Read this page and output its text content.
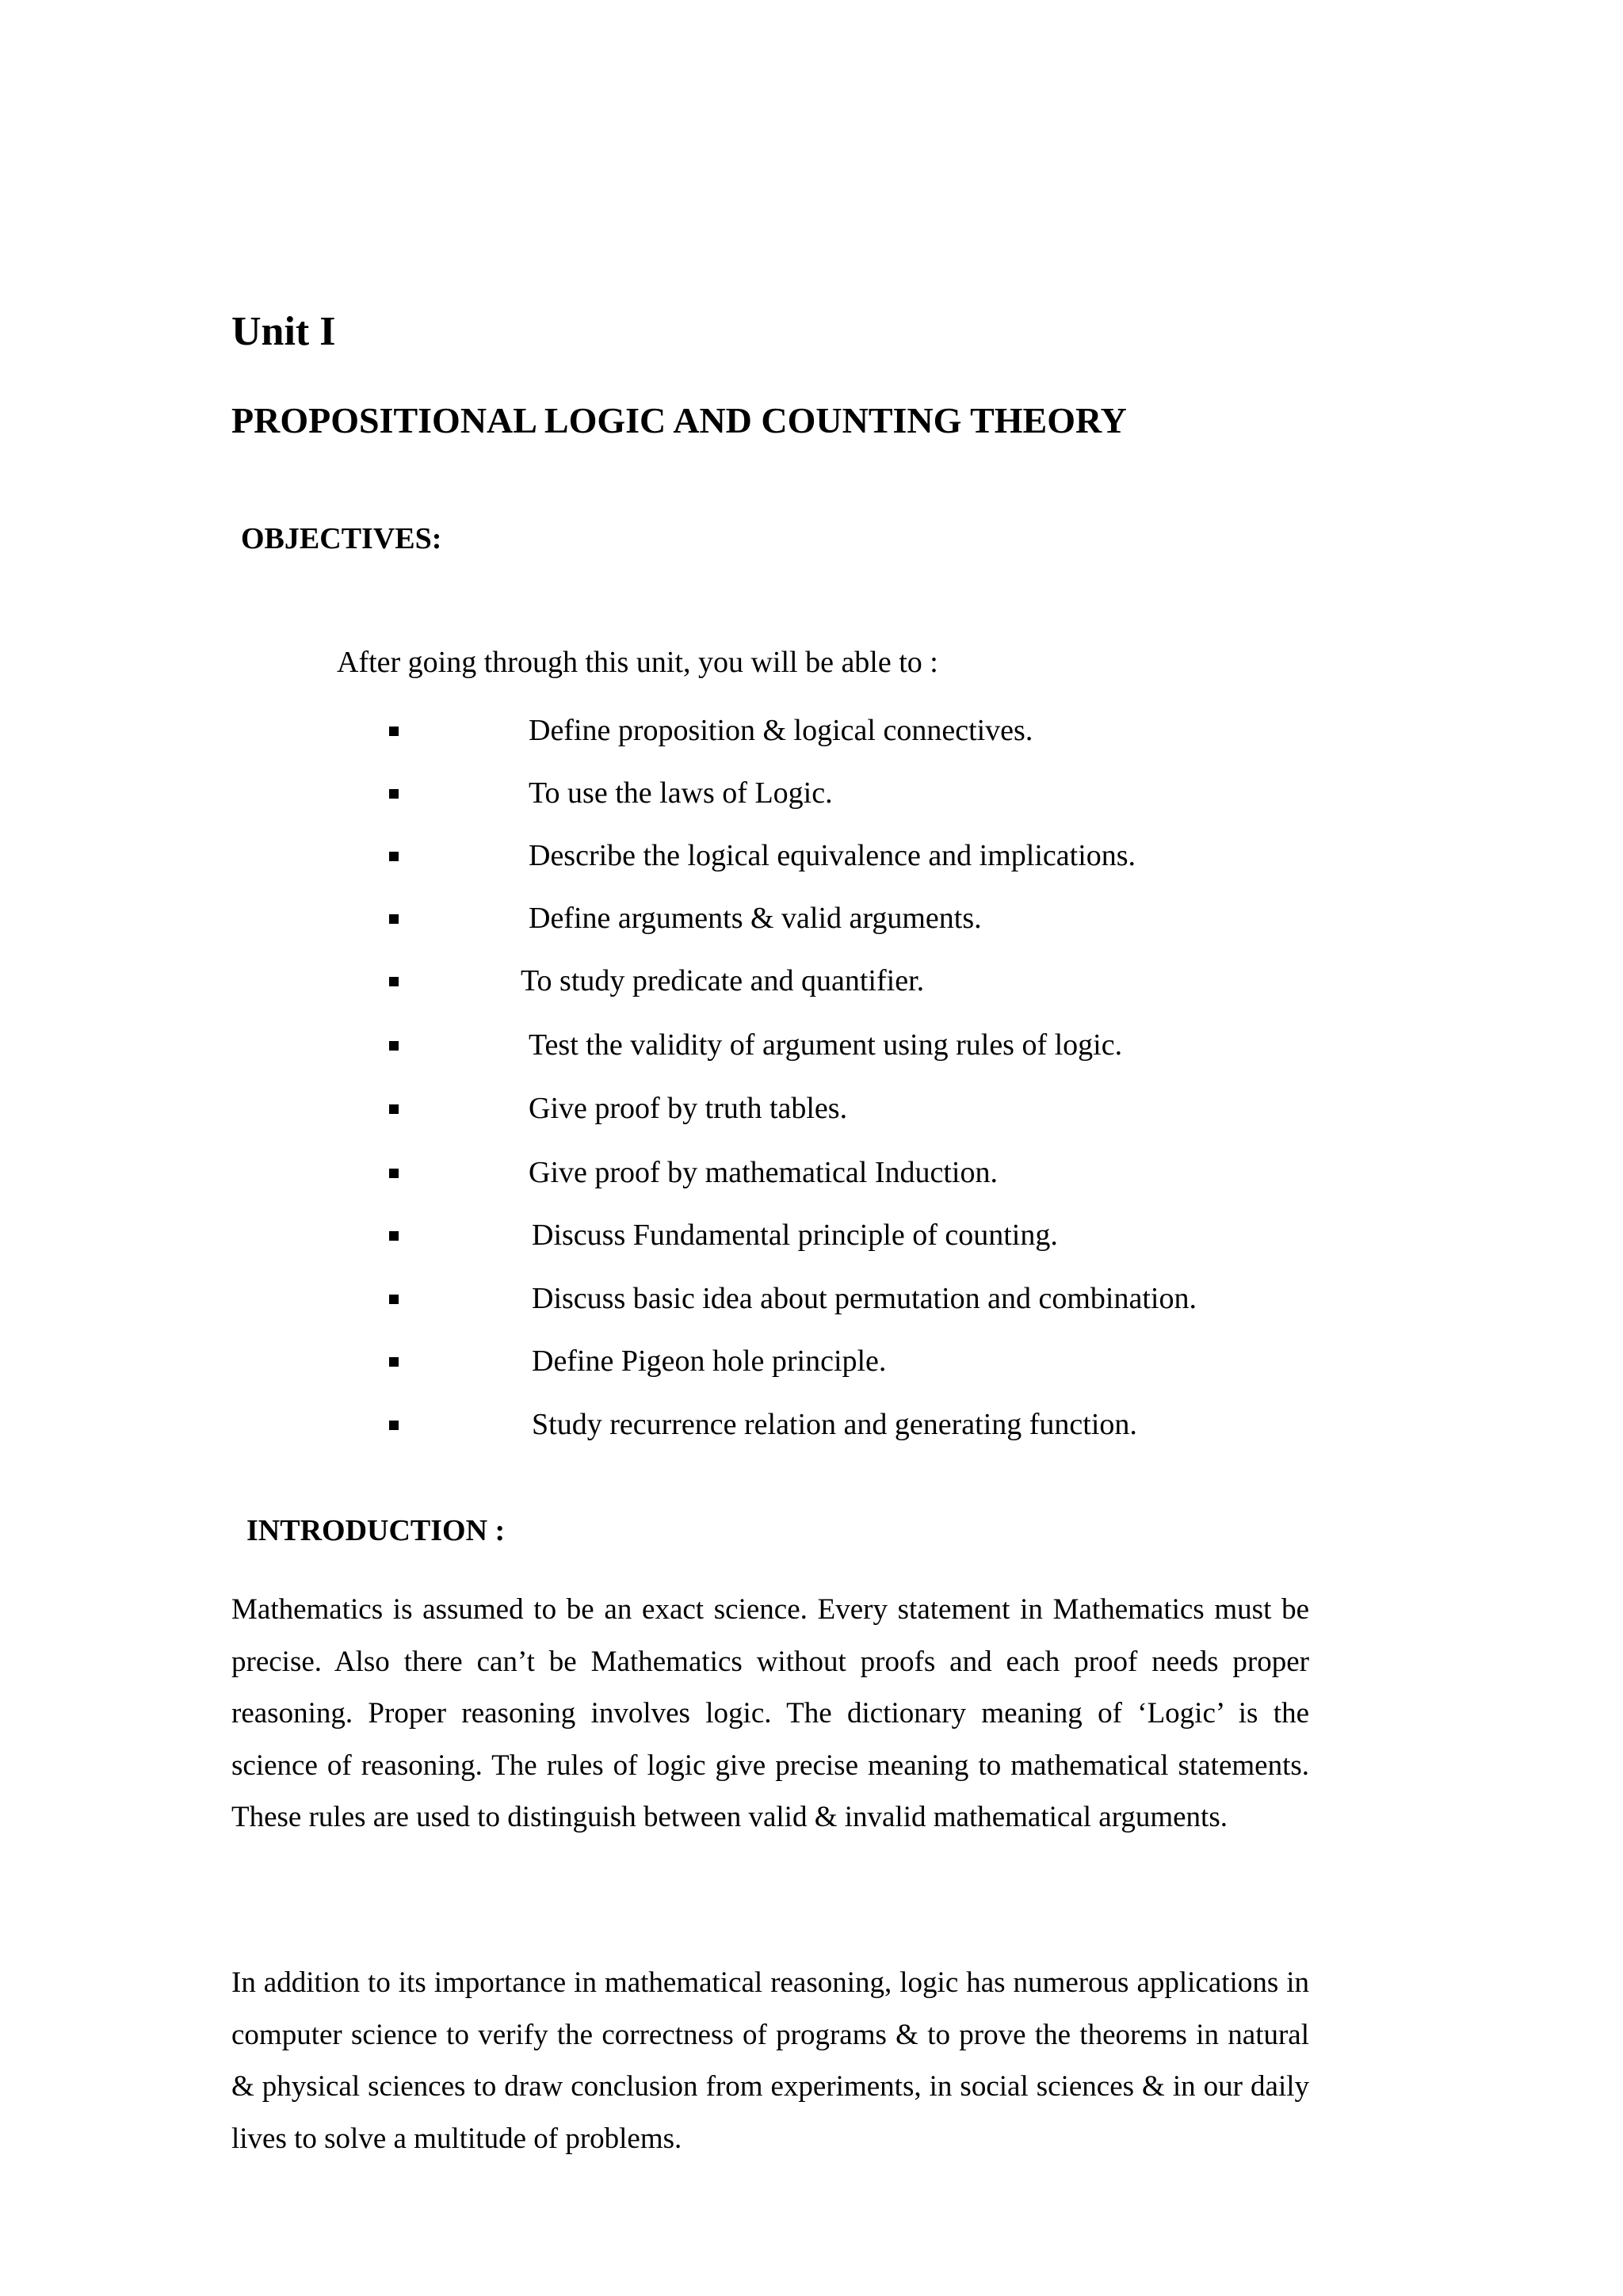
Unit I
PROPOSITIONAL LOGIC AND COUNTING THEORY
OBJECTIVES:
After going through this unit, you will be able to :
Define proposition & logical connectives.
To use the laws of Logic.
Describe the logical equivalence and implications.
Define arguments & valid arguments.
To study predicate and quantifier.
Test the validity of argument using rules of logic.
Give proof by truth tables.
Give proof by mathematical Induction.
Discuss Fundamental principle of counting.
Discuss basic idea about permutation and combination.
Define Pigeon hole principle.
Study recurrence relation and generating function.
INTRODUCTION :

Mathematics is assumed to be an exact science. Every statement in Mathematics must be precise. Also there can’t be Mathematics without proofs and each proof needs proper reasoning. Proper reasoning involves logic. The dictionary meaning of ‘Logic’ is the science of reasoning. The rules of logic give precise meaning to mathematical statements. These rules are used to distinguish between valid & invalid mathematical arguments.

In addition to its importance in mathematical reasoning, logic has numerous applications in computer science to verify the correctness of programs & to prove the theorems in natural & physical sciences to draw conclusion from experiments, in social sciences & in our daily lives to solve a multitude of problems.
